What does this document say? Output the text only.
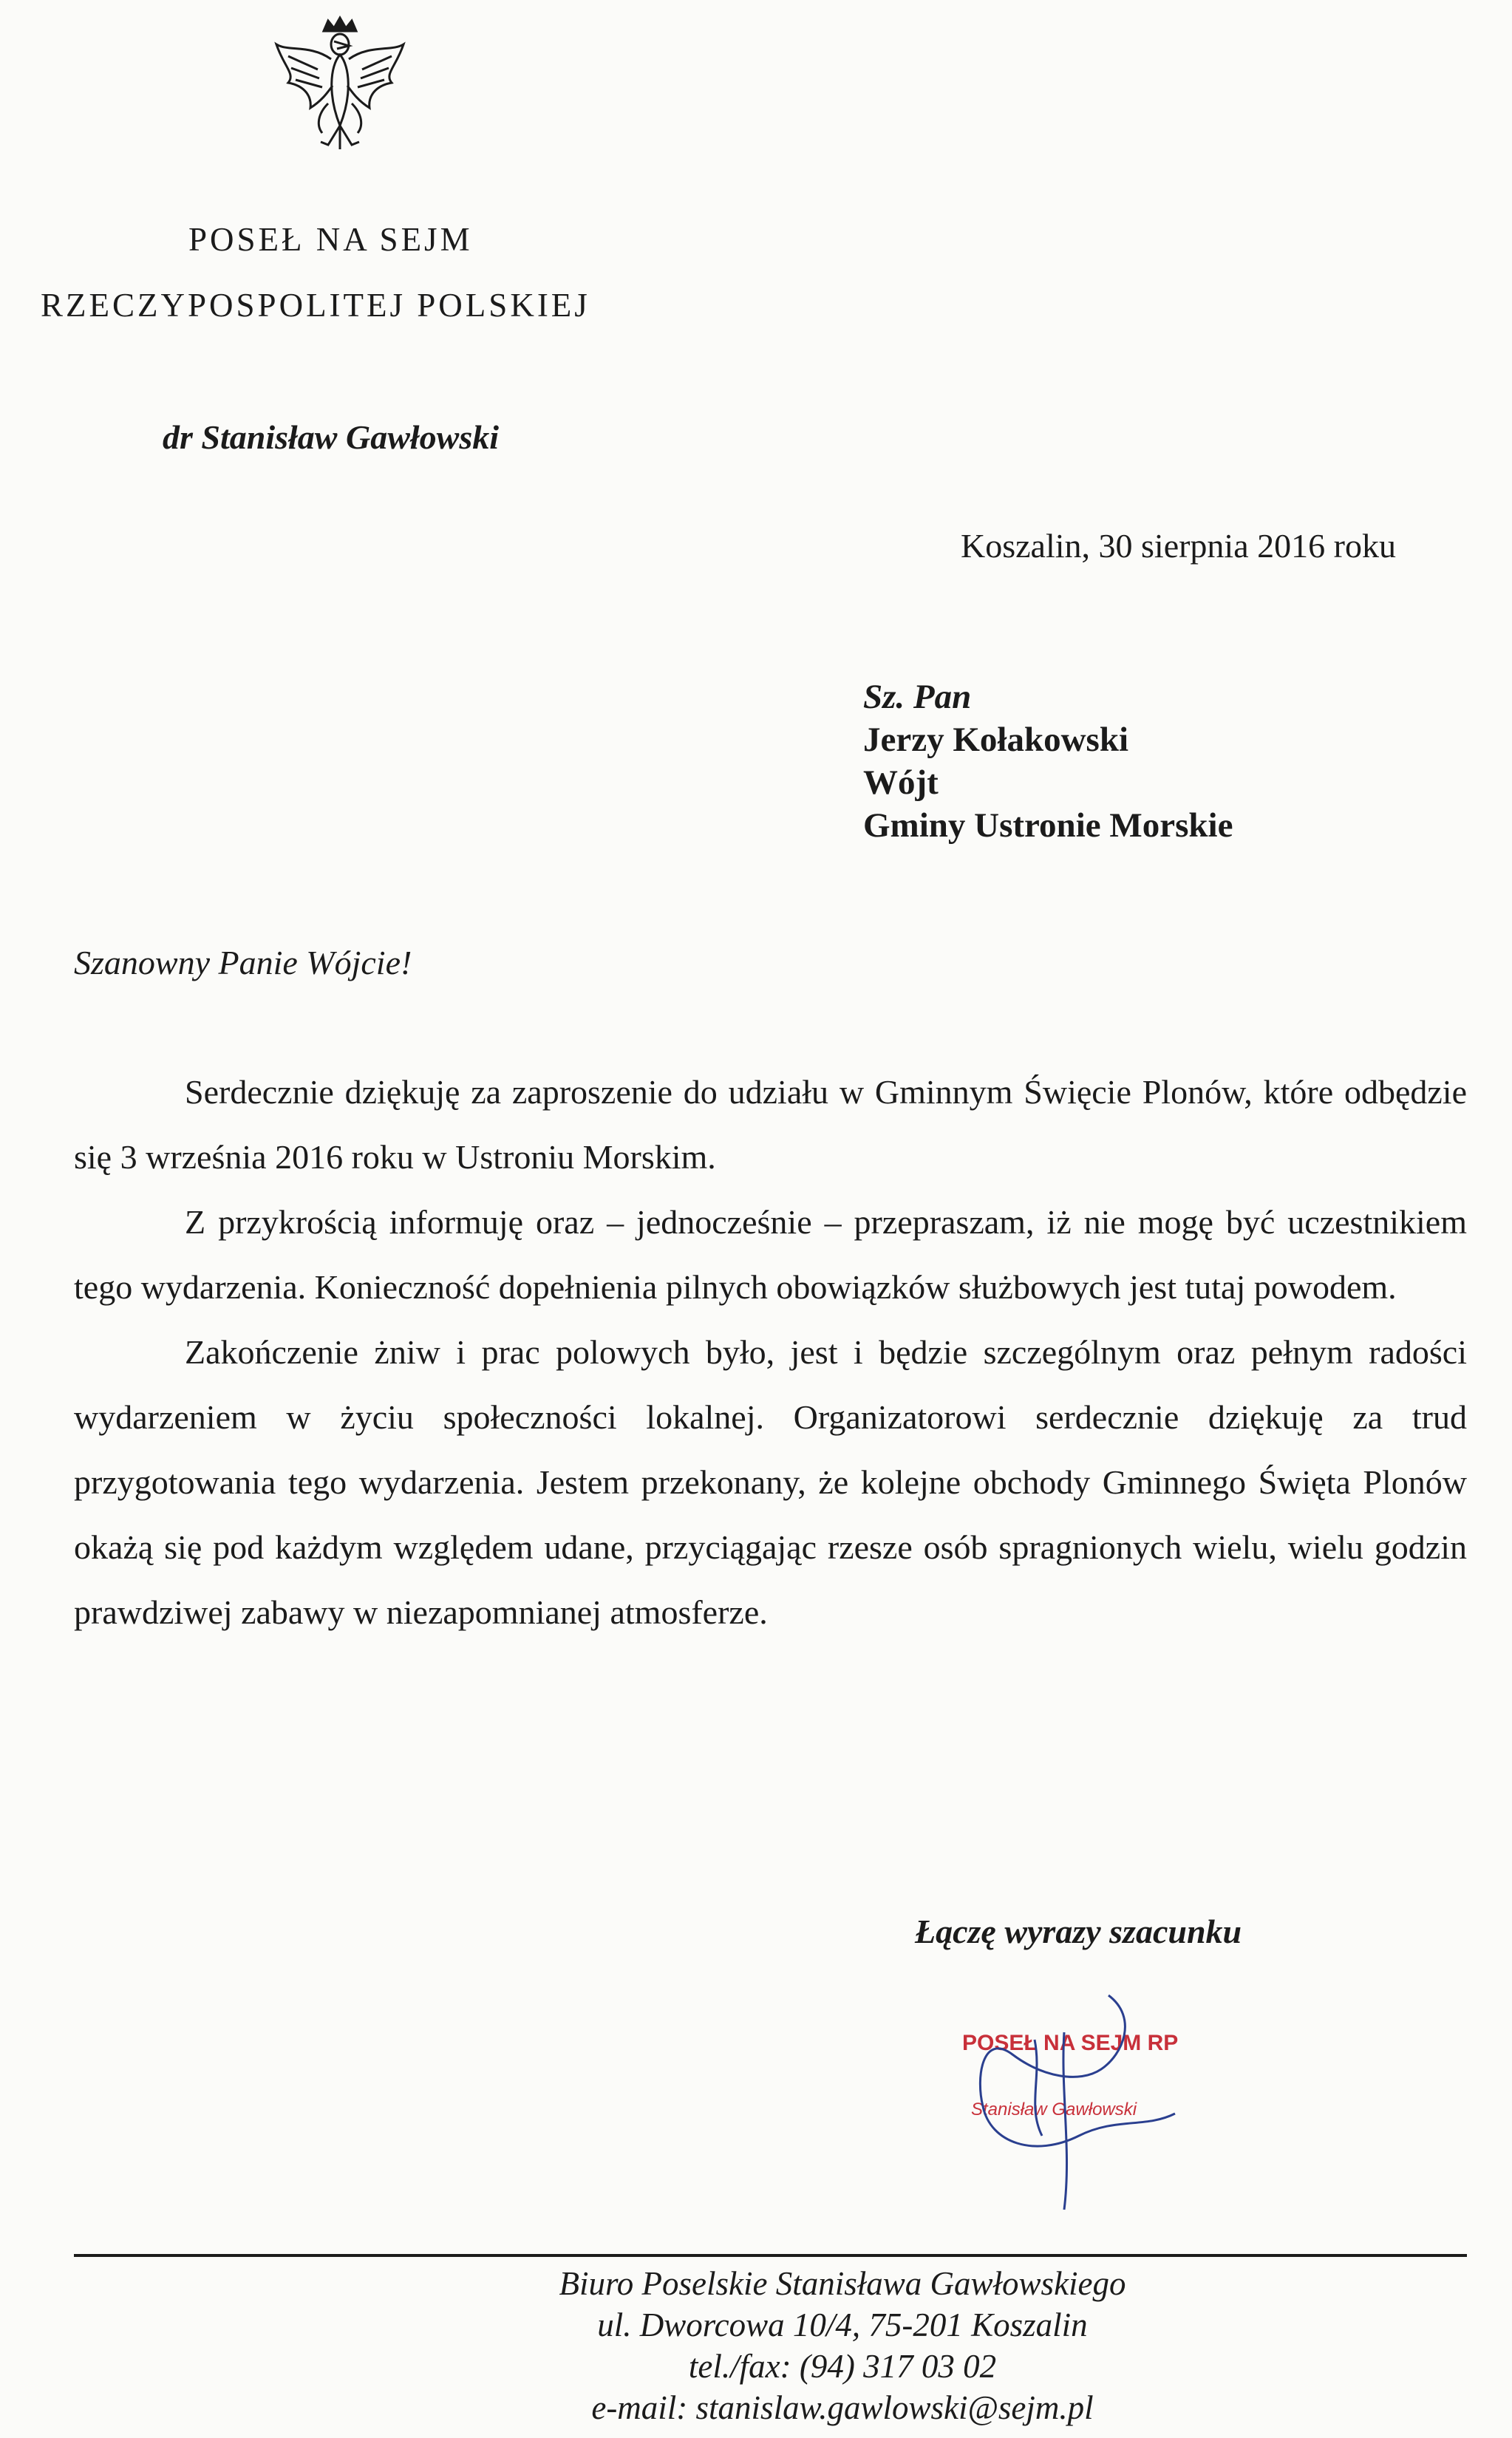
POSEŁ NA SEJM
RZECZYPOSPOLITEJ POLSKIEJ
dr Stanisław Gawłowski
Koszalin, 30 sierpnia 2016 roku
Sz. Pan
Jerzy Kołakowski
Wójt
Gminy Ustronie Morskie
Szanowny Panie Wójcie!

Serdecznie dziękuję za zaproszenie do udziału w Gminnym Święcie Plonów, które odbędzie się 3 września 2016 roku w Ustroniu Morskim.

Z przykrością informuję oraz – jednocześnie – przepraszam, iż nie mogę być uczestnikiem tego wydarzenia. Konieczność dopełnienia pilnych obowiązków służbowych jest tutaj powodem.

Zakończenie żniw i prac polowych było, jest i będzie szczególnym oraz pełnym radości wydarzeniem w życiu społeczności lokalnej. Organizatorowi serdecznie dziękuję za trud przygotowania tego wydarzenia. Jestem przekonany, że kolejne obchody Gminnego Święta Plonów okażą się pod każdym względem udane, przyciągając rzesze osób spragnionych wielu, wielu godzin prawdziwej zabawy w niezapomnianej atmosferze.

Łączę wyrazy szacunku
POSEŁ NA SEJM RP
Stanisław Gawłowski
Biuro Poselskie Stanisława Gawłowskiego
ul. Dworcowa 10/4, 75-201 Koszalin
tel./fax: (94) 317 03 02
e-mail: stanislaw.gawlowski@sejm.pl
